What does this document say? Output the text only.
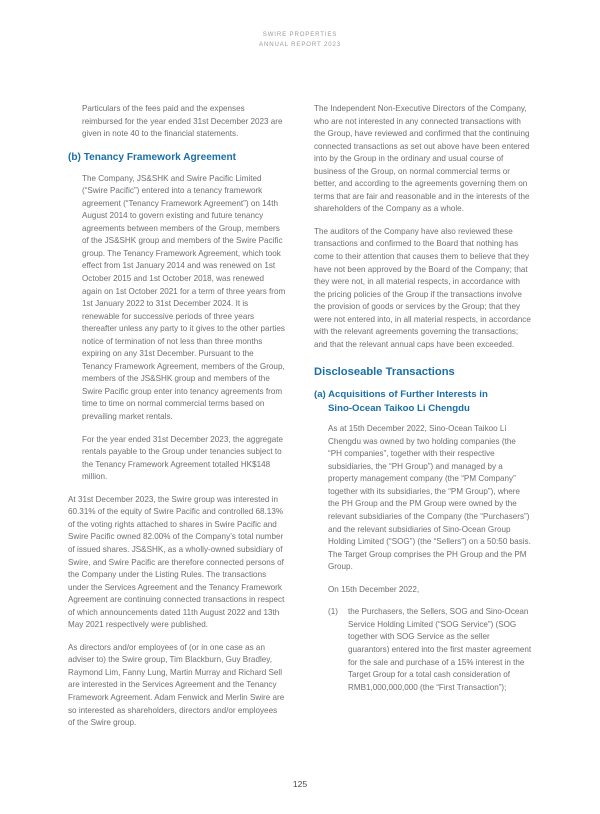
SWIRE PROPERTIES
ANNUAL REPORT 2023

Particulars of the fees paid and the expenses reimbursed for the year ended 31st December 2023 are given in note 40 to the financial statements.

(b) Tenancy Framework Agreement

The Company, JS&SHK and Swire Pacific Limited (“Swire Pacific”) entered into a tenancy framework agreement (“Tenancy Framework Agreement”) on 14th August 2014 to govern existing and future tenancy agreements between members of the Group, members of the JS&SHK group and members of the Swire Pacific group. The Tenancy Framework Agreement, which took effect from 1st January 2014 and was renewed on 1st October 2015 and 1st October 2018, was renewed again on 1st October 2021 for a term of three years from 1st January 2022 to 31st December 2024. It is renewable for successive periods of three years thereafter unless any party to it gives to the other parties notice of termination of not less than three months expiring on any 31st December. Pursuant to the Tenancy Framework Agreement, members of the Group, members of the JS&SHK group and members of the Swire Pacific group enter into tenancy agreements from time to time on normal commercial terms based on prevailing market rentals.

For the year ended 31st December 2023, the aggregate rentals payable to the Group under tenancies subject to the Tenancy Framework Agreement totalled HK$148 million.

At 31st December 2023, the Swire group was interested in 60.31% of the equity of Swire Pacific and controlled 68.13% of the voting rights attached to shares in Swire Pacific and Swire Pacific owned 82.00% of the Company’s total number of issued shares. JS&SHK, as a wholly-owned subsidiary of Swire, and Swire Pacific are therefore connected persons of the Company under the Listing Rules. The transactions under the Services Agreement and the Tenancy Framework Agreement are continuing connected transactions in respect of which announcements dated 11th August 2022 and 13th May 2021 respectively were published.

As directors and/or employees of (or in one case as an adviser to) the Swire group, Tim Blackburn, Guy Bradley, Raymond Lim, Fanny Lung, Martin Murray and Richard Sell are interested in the Services Agreement and the Tenancy Framework Agreement. Adam Fenwick and Merlin Swire are so interested as shareholders, directors and/or employees of the Swire group.

The Independent Non-Executive Directors of the Company, who are not interested in any connected transactions with the Group, have reviewed and confirmed that the continuing connected transactions as set out above have been entered into by the Group in the ordinary and usual course of business of the Group, on normal commercial terms or better, and according to the agreements governing them on terms that are fair and reasonable and in the interests of the shareholders of the Company as a whole.

The auditors of the Company have also reviewed these transactions and confirmed to the Board that nothing has come to their attention that causes them to believe that they have not been approved by the Board of the Company; that they were not, in all material respects, in accordance with the pricing policies of the Group if the transactions involve the provision of goods or services by the Group; that they were not entered into, in all material respects, in accordance with the relevant agreements governing the transactions; and that the relevant annual caps have been exceeded.

Discloseable Transactions
(a) Acquisitions of Further Interests in
Sino-Ocean Taikoo Li Chengdu

As at 15th December 2022, Sino-Ocean Taikoo Li Chengdu was owned by two holding companies (the “PH companies”, together with their respective subsidiaries, the “PH Group”) and managed by a property management company (the “PM Company” together with its subsidiaries, the “PM Group”), where the PH Group and the PM Group were owned by the relevant subsidiaries of the Company (the “Purchasers”) and the relevant subsidiaries of Sino-Ocean Group Holding Limited (“SOG”) (the “Sellers”) on a 50:50 basis. The Target Group comprises the PH Group and the PM Group.

On 15th December 2022,

(1) the Purchasers, the Sellers, SOG and Sino-Ocean Service Holding Limited (“SOG Service”) (SOG together with SOG Service as the seller guarantors) entered into the first master agreement for the sale and purchase of a 15% interest in the Target Group for a total cash consideration of RMB1,000,000,000 (the “First Transaction”);
125
